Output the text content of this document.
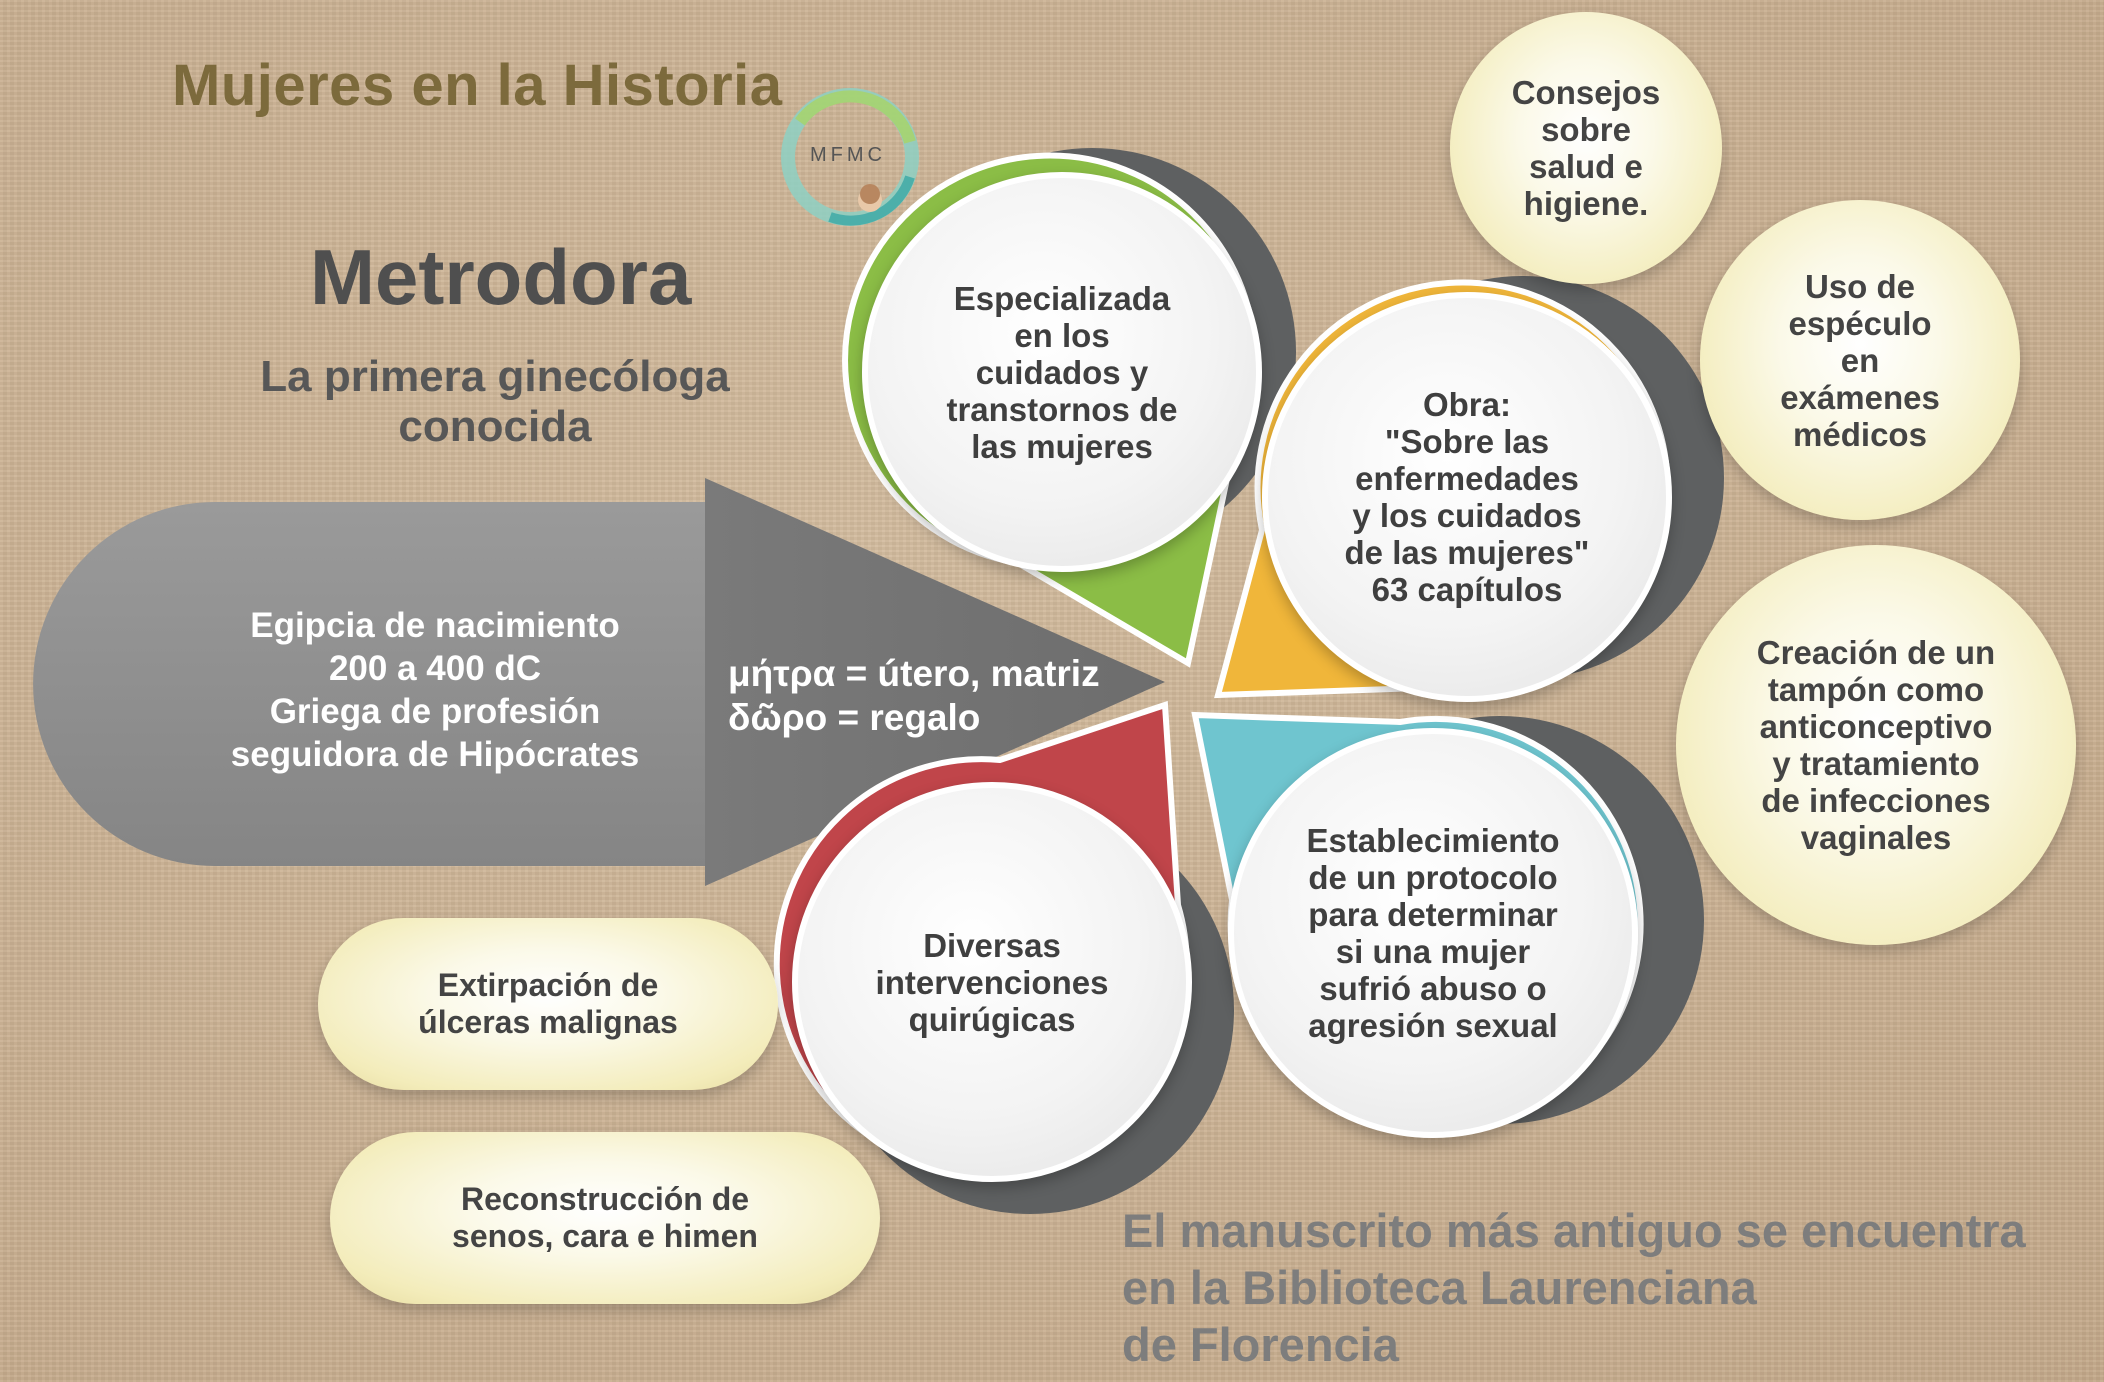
Mujeres en la Historia
Metrodora
La primera ginecóloga conocida
MFMC
Egipcia de nacimiento
200 a 400 dC
Griega de profesión
seguidora de Hipócrates
μήτρα = útero, matriz
δῶρο = regalo
Especializada
en los
cuidados y
transtornos de
las mujeres
Obra:
"Sobre las
enfermedades
y los cuidados
de las mujeres"
63 capítulos
Establecimiento
de un protocolo
para determinar
si una mujer
sufrió abuso o
agresión sexual
Diversas
intervenciones
quirúgicas
Consejos
sobre
salud e
higiene.
Uso de
espéculo
en
exámenes
médicos
Creación de un
tampón como
anticonceptivo
y tratamiento
de infecciones
vaginales
Extirpación de
úlceras malignas
Reconstrucción de
senos, cara e himen	El manuscrito más antiguo se encuentra
en la Biblioteca Laurenciana
de Florencia
